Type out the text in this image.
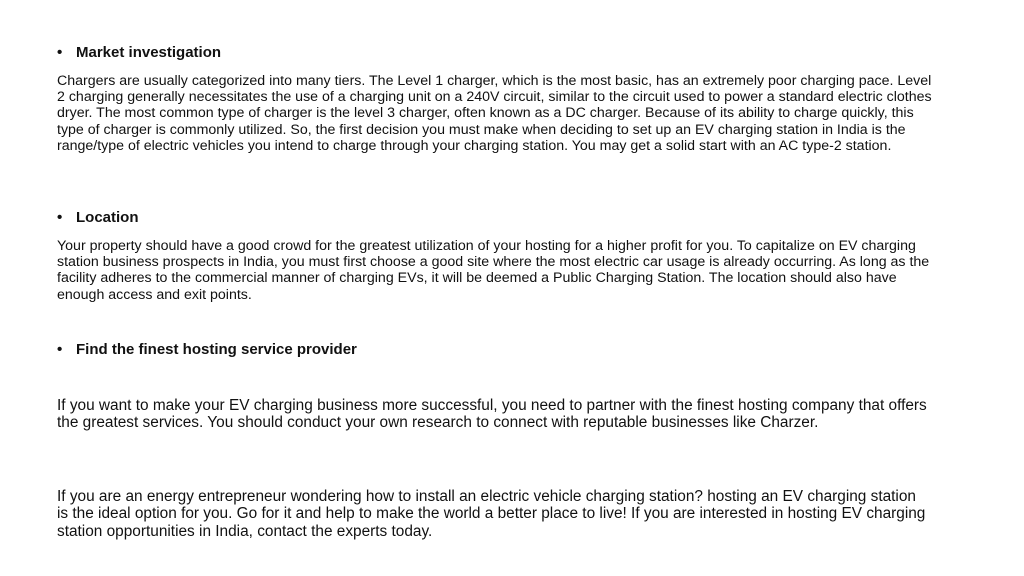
• Market investigation

Chargers are usually categorized into many tiers. The Level 1 charger, which is the most basic, has an extremely poor charging pace. Level 2 charging generally necessitates the use of a charging unit on a 240V circuit, similar to the circuit used to power a standard electric clothes dryer. The most common type of charger is the level 3 charger, often known as a DC charger. Because of its ability to charge quickly, this type of charger is commonly utilized. So, the first decision you must make when deciding to set up an EV charging station in India is the range/type of electric vehicles you intend to charge through your charging station. You may get a solid start with an AC type-2 station.

• Location

Your property should have a good crowd for the greatest utilization of your hosting for a higher profit for you. To capitalize on EV charging station business prospects in India, you must first choose a good site where the most electric car usage is already occurring. As long as the facility adheres to the commercial manner of charging EVs, it will be deemed a Public Charging Station. The location should also have enough access and exit points.

• Find the finest hosting service provider

If you want to make your EV charging business more successful, you need to partner with the finest hosting company that offers the greatest services. You should conduct your own research to connect with reputable businesses like Charzer.

If you are an energy entrepreneur wondering how to install an electric vehicle charging station? hosting an EV charging station is the ideal option for you. Go for it and help to make the world a better place to live! If you are interested in hosting EV charging station opportunities in India, contact the experts today.
